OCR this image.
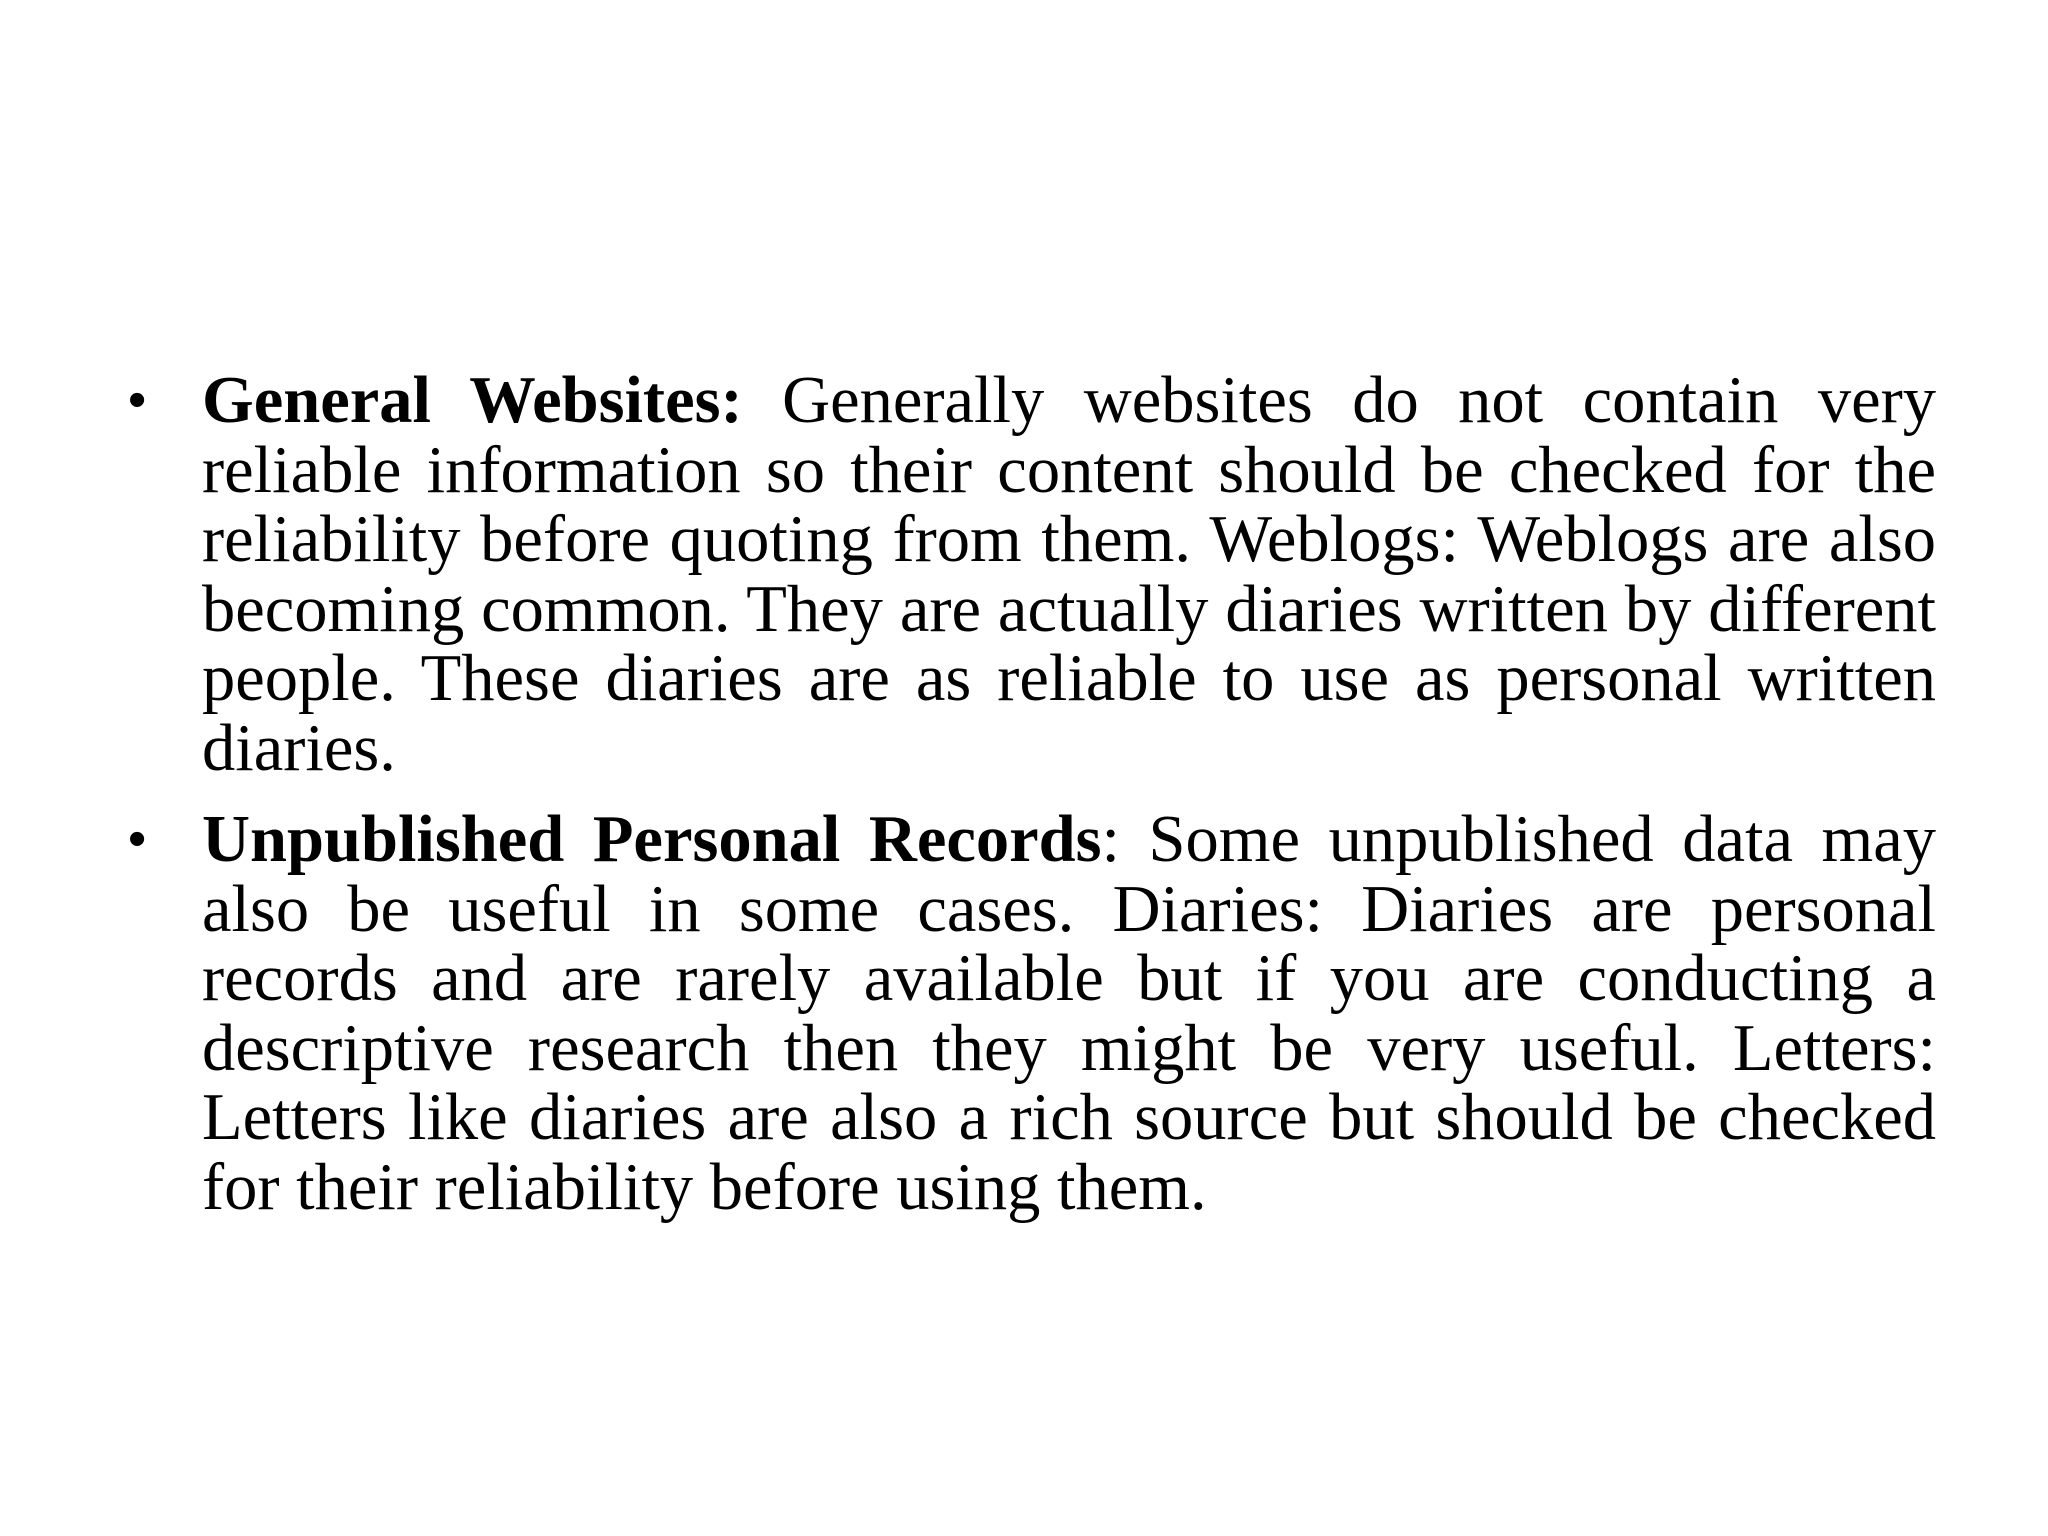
• General Websites: Generally websites do not contain very reliable information so their content should be checked for the reliability before quoting from them. Weblogs: Weblogs are also becoming common. They are actually diaries written by different people. These diaries are as reliable to use as personal written diaries.
• Unpublished Personal Records: Some unpublished data may also be useful in some cases. Diaries: Diaries are personal records and are rarely available but if you are conducting a descriptive research then they might be very useful. Letters: Letters like diaries are also a rich source but should be checked for their reliability before using them.
